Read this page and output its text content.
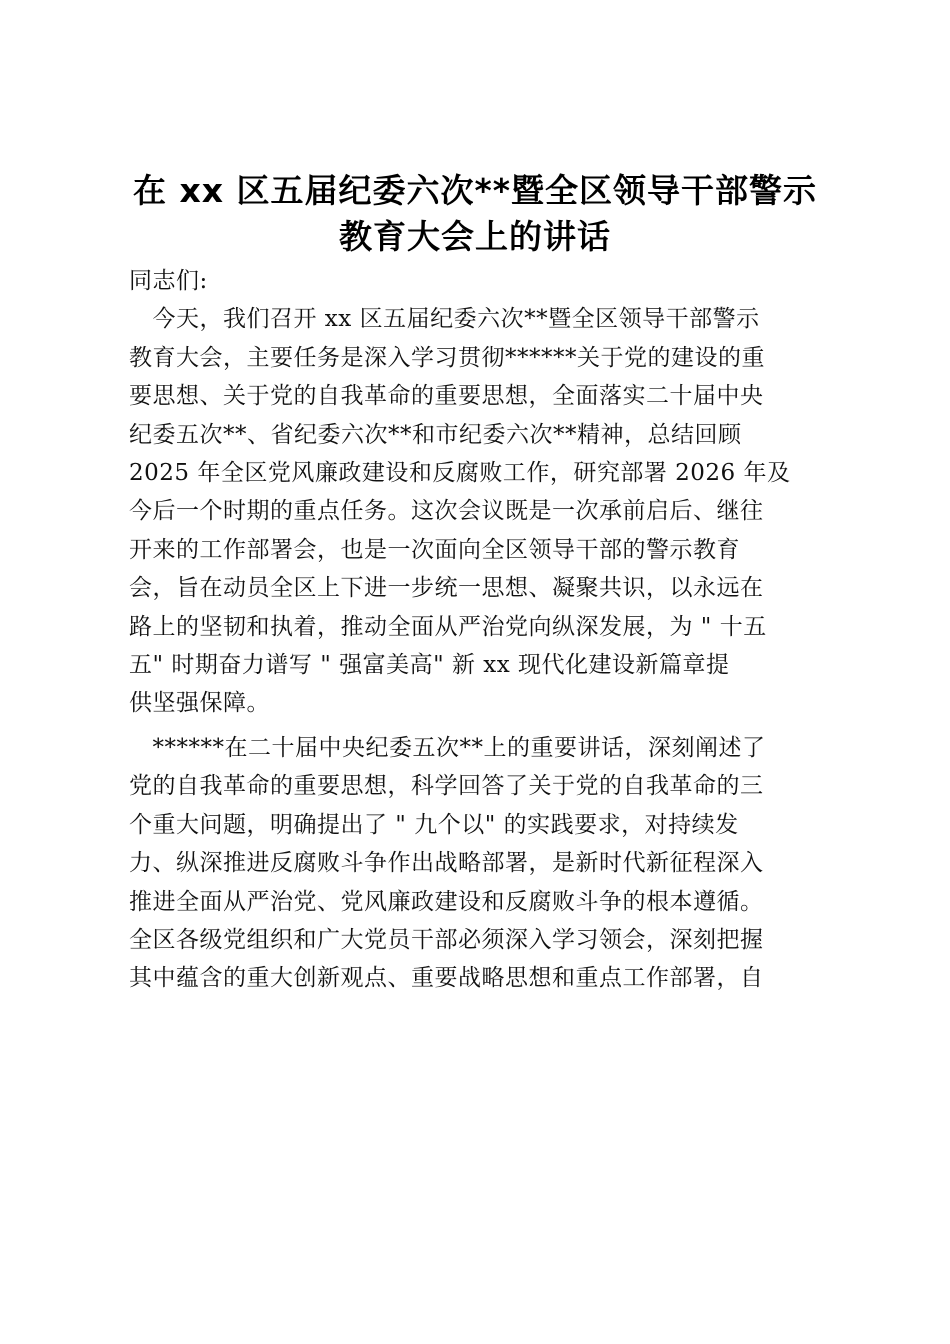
在 xx 区五届纪委六次**暨全区领导干部警示
教育大会上的讲话
同志们:
　今天，我们召开 xx 区五届纪委六次**暨全区领导干部警示
教育大会，主要任务是深入学习贯彻******关于党的建设的重
要思想、关于党的自我革命的重要思想，全面落实二十届中央
纪委五次**、省纪委六次**和市纪委六次**精神，总结回顾
2025 年全区党风廉政建设和反腐败工作，研究部署 2026 年及
今后一个时期的重点任务。这次会议既是一次承前启后、继往
开来的工作部署会，也是一次面向全区领导干部的警示教育
会，旨在动员全区上下进一步统一思想、凝聚共识，以永远在
路上的坚韧和执着，推动全面从严治党向纵深发展，为 " 十五
五" 时期奋力谱写 " 强富美高" 新 xx 现代化建设新篇章提
供坚强保障。
　******在二十届中央纪委五次**上的重要讲话，深刻阐述了
党的自我革命的重要思想，科学回答了关于党的自我革命的三
个重大问题，明确提出了 " 九个以" 的实践要求，对持续发
力、纵深推进反腐败斗争作出战略部署，是新时代新征程深入
推进全面从严治党、党风廉政建设和反腐败斗争的根本遵循。
全区各级党组织和广大党员干部必须深入学习领会，深刻把握
其中蕴含的重大创新观点、重要战略思想和重点工作部署，自
